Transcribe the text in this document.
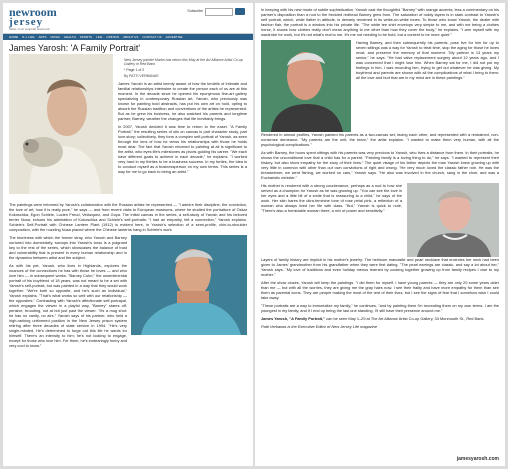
newroom
jersey
Smart, local, nonprofit newsroom
Subscribe
HOME N.J. LIFE ARTS MUSIC HEALTH SPORTS LIFE OPINION ABOUT US CONTACT US ADVERTISE
James Yarosh: 'A Family Portrait'
New Jersey painter Martin has return this May at the Art Alliance Artist Co-op Gallery in Red Bank
* Page 1 of 2
By PATTI VERBANAS

James Yarosh is an artist keenly aware of how the tendrils of intimate and familial relationships intertwine to create the person each of us are at this moment. In the decade since he opened his eponymous fine-art gallery specializing in contemporary Russian art, Yarosh, who previously was known for painting bold abstracts, has put his own art on hold, opting to absorb the Russian tradition and conventions of the artists he represented. But as he grew his business, he also watched his parents and longtime partner, Barney, weather the changes that life inevitably brings.

In 2007, Yarosh decided it was time to return to the easel. "A Family Portrait," the resulting series of oils on canvas is part character study, part love-story; collectively, they form a complex self-portrait of Yarosh, as seen through the lens of how he views his relationships with those he holds most dear. The fact that Yarosh returned to painting at all is significant to the artist, who eyes life's milestones as pivots guiding his career. "We each have different goals to achieve in each decade," he explains. "I worked very hard in my thirties to be a business success. In my forties, the idea is to conduct myself as a businessperson on my own terms. This series is a way for me to go back to being an artist."

The paintings were informed by Yarosh's collaboration with the Russian artists he represented — "I admire their discipline, the conviction, the love of art, how it is really pure," he says — and from recent visits to European museums, where he studied the portraiture of Oskar Kokoschka, Egon Schiele, Lucien Freud, Velázquez, and Goya. The initial canvas in the series, a self-study of Yarosh and his beloved terrier Nusa, echoes his admiration of Kokoschka and Schiele's self-portraits: "I had an empathy, felt a connection," Yarosh explains. Schiele's Self-Portrait with Chinese Lantern Plant (1912) is evident here, in Yarosh's selection of a semi-profile, chin-to-shoulder composition, with the nuzzling Nusa placed where the Chinese lanterns hang in Schiele's work.

The bluntness with which the former stray, who Yarosh and Barney nurtured into domesticity, swoops into Yarosh's torso is a poignant key to the rest of the series, which showcases the balance of trust and vulnerability that is present in every human relationship and in the dynamics between artist and the subject.

As with his pet, Yarosh, who lives in Highlands, explores the nuances of the connections he has with those he loves — and who love him — in subsequent works. "Barney Cohn," the unsentimental portrait of his boyfriend of 18 years, was not meant to be a set with Yarosh's self-portrait, but was painted in a way that they would work together. "We're both so opposite, and he's such an individual," Yarosh explains. "That's what works so well with our relationship — the opposites." Contrasting with Yarosh's affectionate self-portrayal, which engages the viewer in a playful way, "Barney" stares off, pensive, brooding, not at but just past the viewer. "It's a mug shot: he has no vanity, no airs." Yarosh says of his partner, who held a high-ranking uniformed position in the New Jersey prison system retiring after three decades of state service in 1994. "He's very single-minded. He's determined to forge out this life he wants for himself. There's an intensity to him; he's not looking to engage, except for those who love him. For them, he's endearingly funny and very cool to know."

In keeping with his new mode of subtle sophistication, Yarosh cast the thoughtful "Barney" with orange accents, less a commentary on his partner's disposition than a nod to the freckled redhead Barney grew from. The saturation of ruddy layers is in stark contrast to Yarosh's self portrait, which, while flatter in attitude, is densely rendered in its white-on-white tones. To those who know Yarosh, the dealer with fashion flair, the portrait is a window into his private life. "The white tee shirt envelops very simple to me, and with me being a clothes horse, it shows how clothes really don't mean anything to me other than how they cover the body," he explains. "I arm myself with my wardrobe for work, but it's not what's real to me. It's me not needing to be bold, but a content to be more quiet."

Having Barney, and then subsequently his parents, pose live for him for up to seven sittings was a way for Yarosh to treat time, stop the aging for those he loves most, and preserve the memory of that moment. "My partner is 13 years my senior," he says. "He had valve replacement surgery about 12 years ago, and I was concerned that I might lose him. When Barney sat for me, I did not put my feelings in him. I was recording him, trying to get out whatever he was giving. My boyfriend and parents are shown with all the complications of what I bring to them: all the love and hurt that are in my mind are in these paintings."

Rendered in almost profiles, Yarosh painted his parents as a two-canvas set, facing each other, and represented with a restrained, non-nonsense demeanor. "My parents are the unit, the team," the artist explains. "I wanted to make them very human, with all the psychological complications."

As with Barney, the hours spent sittings with his parents was very precious to Yarosh, who lives a distance from them. In their portraits, he shows the unconditional love that a child has for a parent. "Painting family is a loving thing to do," he says. "I wanted to represent their history, but also show empathy for the story of their lives." The quiet visage of his father depicts the man Yarosh knew growing up with very little in common with other than our own convictions of right and wrong. "He very much loved the classic father role. He was the breadwinner, we went fishing, we worked on cars," Yarosh says. "He also was involved in the church, sang in the choir, and was a Eucharistic minister."

His mother is rendered with a strong countenance, perhaps as a nod to how she served as a champion for Yarosh as he was growing up. "You can see the love in her eyes and a little bit of a smile that is reassuring to a child," he says of the work. Her skin bares the ultra-feminine tone of rose petal pink, a reflection of a woman who always lived her life with class. "But," Yarosh is quick to note, "There's also a formidable woman there, a mix of power and sensitivity."

Layers of family history are implicit in his mother's jewelry: The heirloom marcasite and pearl necklace that encircles her neck had been given to James' grandmother from his grandfather when they were first dating. "The pearl earrings are classic, and say a lot about her," Yarosh says. "My love of traditions and even holiday menus learned by cooking together growing up from family recipes I owe to my mother."

After the show closes, Yarosh will keep the paintings. "I did them for myself. I have young parents — they are only 20 some years older than me — but with all the worries, they are giving me the gray hairs now. I see their frailty and have more empathy for them than see them as parental icons. They are people making the most of the rest of their lives, but I see the signs of fear that I somehow wish I could take away.

"These portraits are a way to immortalize my family," he continues, "and by painting them I'm recreating them on my own terms. I am the youngest in my family, and if I end up being the last one standing, I'll still have their presence around me."

James Yarosh, "A Family Portrait," can be seen May 1–29 at The Art Alliance Artist Co-op Gallery, 33 Monmouth St., Red Bank.

Patti Verbanas is the Executive Editor of New Jersey Life magazine

jamesyarosh.com
